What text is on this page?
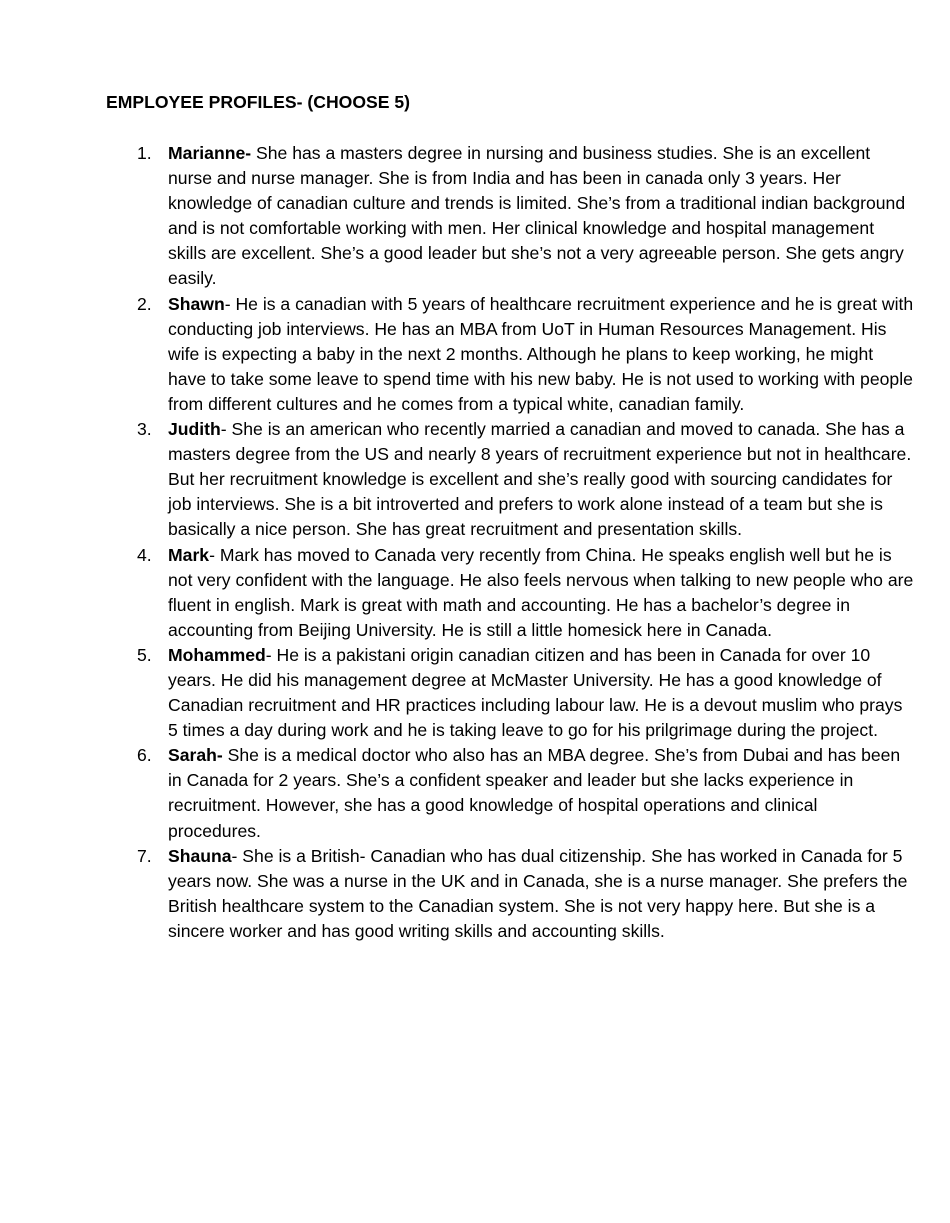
EMPLOYEE PROFILES- (CHOOSE 5)
1. Marianne- She has a masters degree in nursing and business studies. She is an excellent nurse and nurse manager. She is from India and has been in canada only 3 years. Her knowledge of canadian culture and trends is limited. She’s from a traditional indian background and is not comfortable working with men. Her clinical knowledge and hospital management skills are excellent. She’s a good leader but she’s not a very agreeable person. She gets angry easily.
2. Shawn- He is a canadian with 5 years of healthcare recruitment experience and he is great with conducting job interviews. He has an MBA from UoT in Human Resources Management. His wife is expecting a baby in the next 2 months. Although he plans to keep working, he might have to take some leave to spend time with his new baby. He is not used to working with people from different cultures and he comes from a typical white, canadian family.
3. Judith- She is an american who recently married a canadian and moved to canada. She has a masters degree from the US and nearly 8 years of recruitment experience but not in healthcare. But her recruitment knowledge is excellent and she’s really good with sourcing candidates for job interviews. She is a bit introverted and prefers to work alone instead of a team but she is basically a nice person. She has great recruitment and presentation skills.
4. Mark- Mark has moved to Canada very recently from China. He speaks english well but he is not very confident with the language. He also feels nervous when talking to new people who are fluent in english. Mark is great with math and accounting. He has a bachelor’s degree in accounting from Beijing University. He is still a little homesick here in Canada.
5. Mohammed- He is a pakistani origin canadian citizen and has been in Canada for over 10 years. He did his management degree at McMaster University. He has a good knowledge of Canadian recruitment and HR practices including labour law. He is a devout muslim who prays 5 times a day during work and he is taking leave to go for his prilgrimage during the project.
6. Sarah- She is a medical doctor who also has an MBA degree. She’s from Dubai and has been in Canada for 2 years. She’s a confident speaker and leader but she lacks experience in recruitment. However, she has a good knowledge of hospital operations and clinical procedures.
7. Shauna- She is a British- Canadian who has dual citizenship. She has worked in Canada for 5 years now. She was a nurse in the UK and in Canada, she is a nurse manager. She prefers the British healthcare system to the Canadian system. She is not very happy here. But she is a sincere worker and has good writing skills and accounting skills.
